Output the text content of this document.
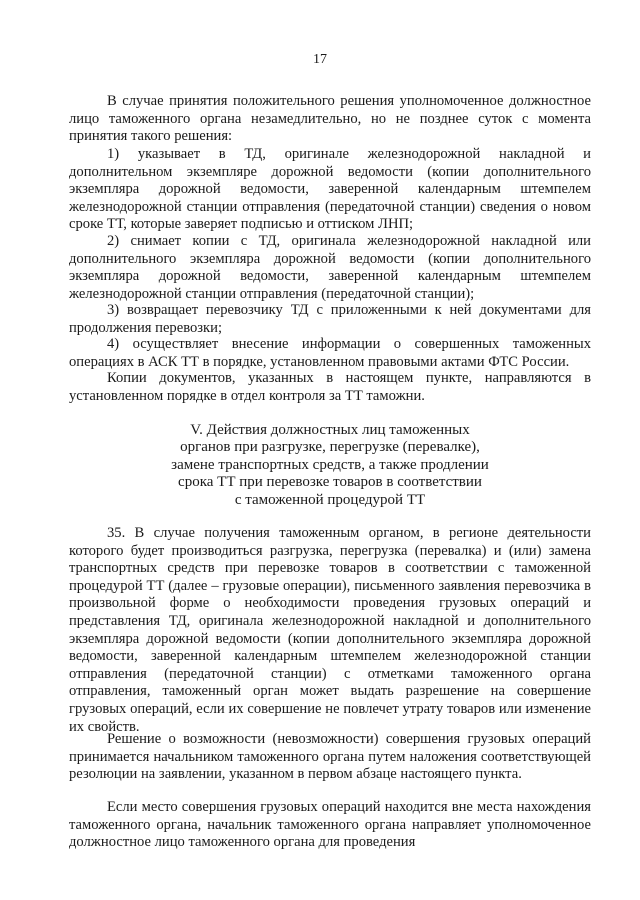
17

В случае принятия положительного решения уполномоченное должностное лицо таможенного органа незамедлительно, но не позднее суток с момента принятия такого решения:

1) указывает в ТД, оригинале железнодорожной накладной и дополнительном экземпляре дорожной ведомости (копии дополнительного экземпляра дорожной ведомости, заверенной календарным штемпелем железнодорожной станции отправления (передаточной станции) сведения о новом сроке ТТ, которые заверяет подписью и оттиском ЛНП;

2) снимает копии с ТД, оригинала железнодорожной накладной или дополнительного экземпляра дорожной ведомости (копии дополнительного экземпляра дорожной ведомости, заверенной календарным штемпелем железнодорожной станции отправления (передаточной станции);

3) возвращает перевозчику ТД с приложенными к ней документами для продолжения перевозки;

4) осуществляет внесение информации о совершенных таможенных операциях в АСК ТТ в порядке, установленном правовыми актами ФТС России.

Копии документов, указанных в настоящем пункте, направляются в установленном порядке в отдел контроля за ТТ таможни.

V. Действия должностных лиц таможенных
органов при разгрузке, перегрузке (перевалке),
замене транспортных средств, а также продлении
срока ТТ при перевозке товаров в соответствии
с таможенной процедурой ТТ

35. В случае получения таможенным органом, в регионе деятельности которого будет производиться разгрузка, перегрузка (перевалка) и (или) замена транспортных средств при перевозке товаров в соответствии с таможенной процедурой ТТ (далее – грузовые операции), письменного заявления перевозчика в произвольной форме о необходимости проведения грузовых операций и представления ТД, оригинала железнодорожной накладной и дополнительного экземпляра дорожной ведомости (копии дополнительного экземпляра дорожной ведомости, заверенной календарным штемпелем железнодорожной станции отправления (передаточной станции) с отметками таможенного органа отправления, таможенный орган может выдать разрешение на совершение грузовых операций, если их совершение не повлечет утрату товаров или изменение их свойств.

Решение о возможности (невозможности) совершения грузовых операций принимается начальником таможенного органа путем наложения соответствующей резолюции на заявлении, указанном в первом абзаце настоящего пункта.

Если место совершения грузовых операций находится вне места нахождения таможенного органа, начальник таможенного органа направляет уполномоченное должностное лицо таможенного органа для проведения
